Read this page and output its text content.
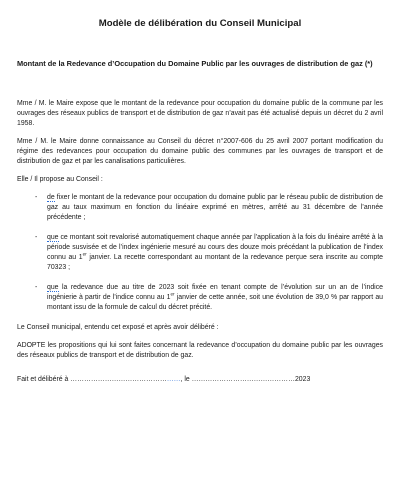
Modèle de délibération du Conseil Municipal
Montant de la Redevance d’Occupation du Domaine Public par les ouvrages de distribution de gaz (*)

Mme / M. le Maire expose que le montant de la redevance pour occupation du domaine public de la commune par les ouvrages des réseaux publics de transport et de distribution de gaz n’avait pas été actualisé depuis un décret du 2 avril 1958.

Mme / M. le Maire donne connaissance au Conseil du décret n°2007-606 du 25 avril 2007 portant modification du régime des redevances pour occupation du domaine public des communes par les ouvrages de transport et de distribution de gaz et par les canalisations particulières.

Elle / Il propose au Conseil :

- de fixer le montant de la redevance pour occupation du domaine public par le réseau public de distribution de gaz au taux maximum en fonction du linéaire exprimé en mètres, arrêté au 31 décembre de l’année précédente ;
- que ce montant soit revalorisé automatiquement chaque année par l’application à la fois du linéaire arrêté à la période susvisée et de l’index ingénierie mesuré au cours des douze mois précédant la publication de l’index connu au 1er janvier. La recette correspondant au montant de la redevance perçue sera inscrite au compte 70323 ;
- que la redevance due au titre de 2023 soit fixée en tenant compte de l’évolution sur un an de l’indice ingénierie à partir de l’indice connu au 1er janvier de cette année, soit une évolution de 39,0 % par rapport au montant issu de la formule de calcul du décret précité.

Le Conseil municipal, entendu cet exposé et après avoir délibéré :

ADOPTE les propositions qui lui sont faites concernant la redevance d’occupation du domaine public par les ouvrages des réseaux publics de transport et de distribution de gaz.

Fait et délibéré à …………………………………………, le ………………………………………2023
